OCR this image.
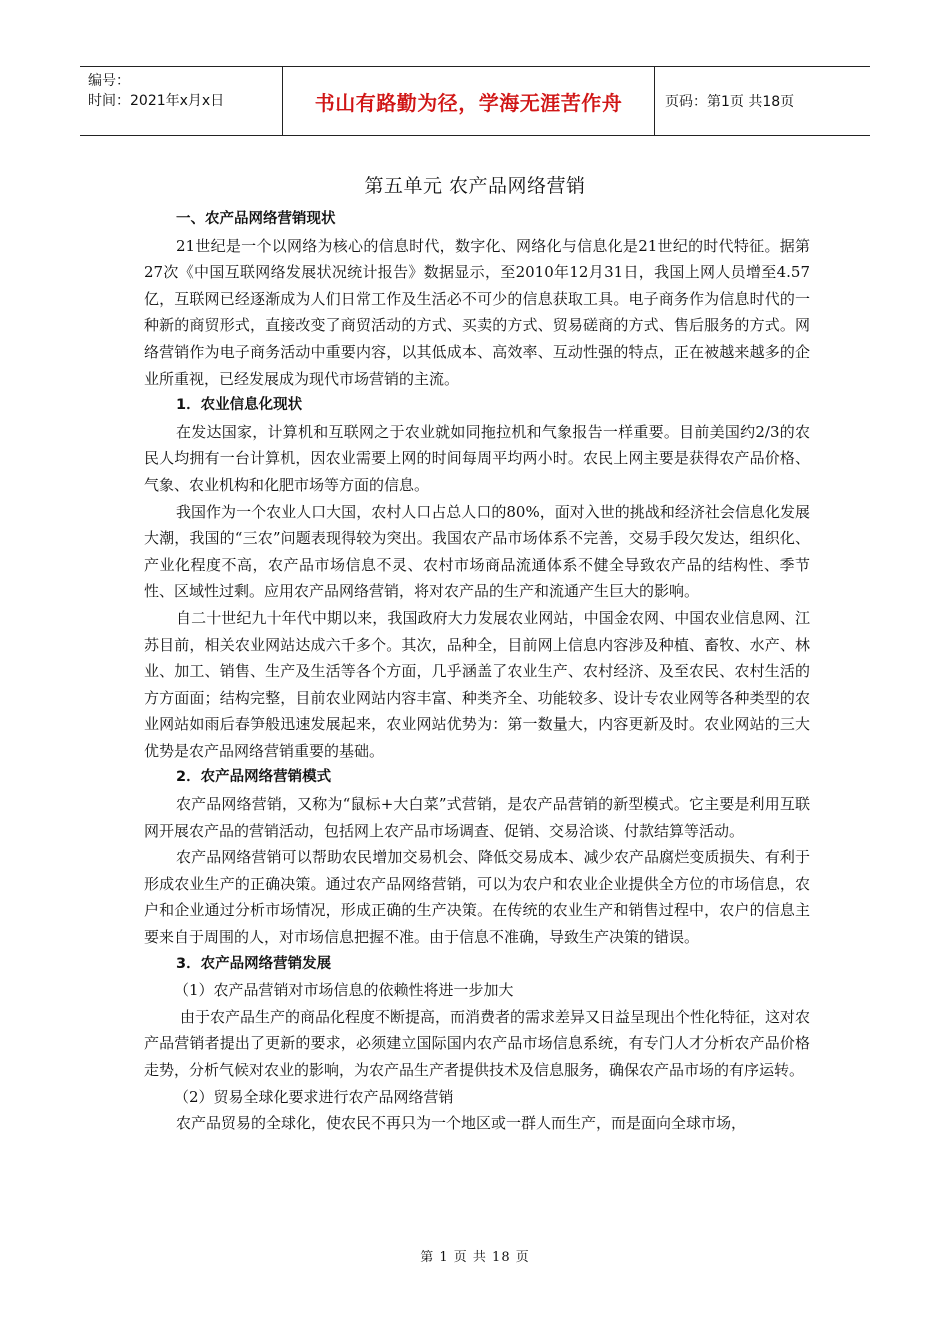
编号：
时间：2021年x月x日	书山有路勤为径，学海无涯苦作舟	页码：第1页 共18页
第五单元 农产品网络营销

一、农产品网络营销现状

21世纪是一个以网络为核心的信息时代，数字化、网络化与信息化是21世纪的时代特征。据第27次《中国互联网络发展状况统计报告》数据显示，至2010年12月31日，我国上网人员增至4.57亿，互联网已经逐渐成为人们日常工作及生活必不可少的信息获取工具。电子商务作为信息时代的一种新的商贸形式，直接改变了商贸活动的方式、买卖的方式、贸易磋商的方式、售后服务的方式。网络营销作为电子商务活动中重要内容，以其低成本、高效率、互动性强的特点，正在被越来越多的企业所重视，已经发展成为现代市场营销的主流。

1．农业信息化现状

在发达国家，计算机和互联网之于农业就如同拖拉机和气象报告一样重要。目前美国约2/3的农民人均拥有一台计算机，因农业需要上网的时间每周平均两小时。农民上网主要是获得农产品价格、气象、农业机构和化肥市场等方面的信息。

我国作为一个农业人口大国，农村人口占总人口的80%，面对入世的挑战和经济社会信息化发展大潮，我国的“三农”问题表现得较为突出。我国农产品市场体系不完善，交易手段欠发达，组织化、产业化程度不高，农产品市场信息不灵、农村市场商品流通体系不健全导致农产品的结构性、季节性、区域性过剩。应用农产品网络营销，将对农产品的生产和流通产生巨大的影响。

自二十世纪九十年代中期以来，我国政府大力发展农业网站，中国金农网、中国农业信息网、江苏目前，相关农业网站达成六千多个。其次，品种全，目前网上信息内容涉及种植、畜牧、水产、林业、加工、销售、生产及生活等各个方面，几乎涵盖了农业生产、农村经济、及至农民、农村生活的方方面面；结构完整，目前农业网站内容丰富、种类齐全、功能较多、设计专农业网等各种类型的农业网站如雨后春笋般迅速发展起来，农业网站优势为：第一数量大，内容更新及时。农业网站的三大优势是农产品网络营销重要的基础。

2．农产品网络营销模式

农产品网络营销，又称为“鼠标+大白菜”式营销，是农产品营销的新型模式。它主要是利用互联网开展农产品的营销活动，包括网上农产品市场调查、促销、交易洽谈、付款结算等活动。

农产品网络营销可以帮助农民增加交易机会、降低交易成本、减少农产品腐烂变质损失、有利于形成农业生产的正确决策。通过农产品网络营销，可以为农户和农业企业提供全方位的市场信息，农户和企业通过分析市场情况，形成正确的生产决策。在传统的农业生产和销售过程中，农户的信息主要来自于周围的人，对市场信息把握不准。由于信息不准确，导致生产决策的错误。

3．农产品网络营销发展

（1）农产品营销对市场信息的依赖性将进一步加大

由于农产品生产的商品化程度不断提高，而消费者的需求差异又日益呈现出个性化特征，这对农产品营销者提出了更新的要求，必须建立国际国内农产品市场信息系统，有专门人才分析农产品价格走势，分析气候对农业的影响，为农产品生产者提供技术及信息服务，确保农产品市场的有序运转。

（2）贸易全球化要求进行农产品网络营销

农产品贸易的全球化，使农民不再只为一个地区或一群人而生产，而是面向全球市场，

第 1 页 共 18 页
